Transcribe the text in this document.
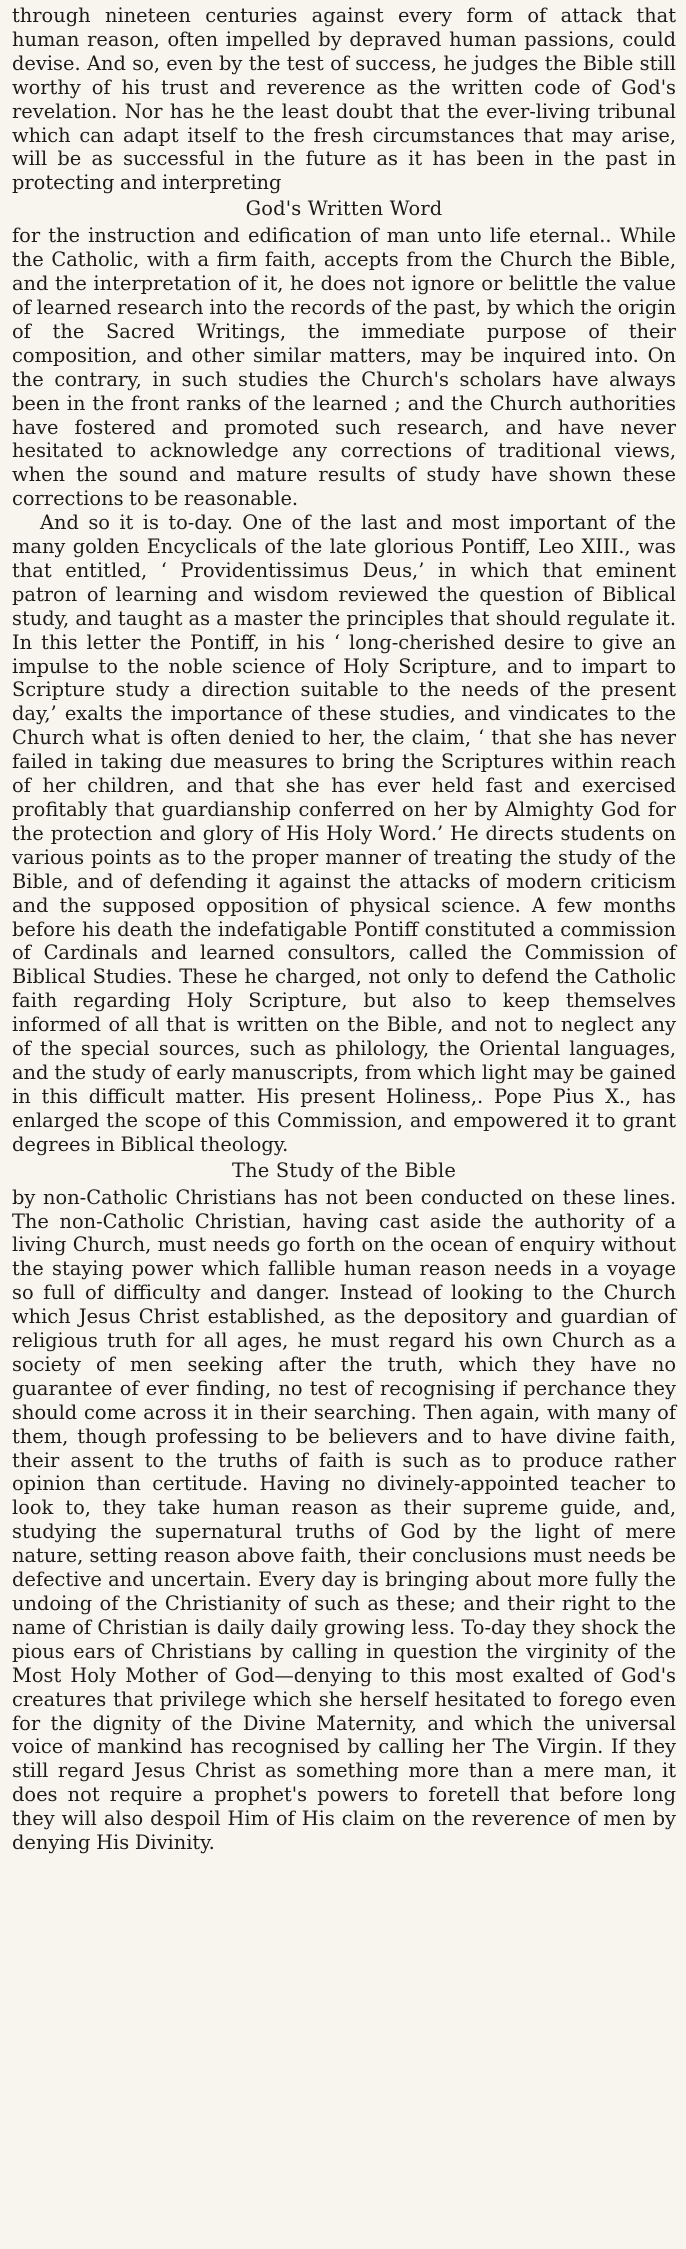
through nineteen centuries against every form of attack that human reason, often impelled by depraved human passions, could devise. And so, even by the test of success, he judges the Bible still worthy of his trust and reverence as the written code of God's revelation. Nor has he the least doubt that the ever-living tribunal which can adapt itself to the fresh circumstances that may arise, will be as successful in the future as it has been in the past in protecting and interpreting

God's Written Word

for the instruction and edification of man unto life eternal.. While the Catholic, with a firm faith, accepts from the Church the Bible, and the interpretation of it, he does not ignore or belittle the value of learned research into the records of the past, by which the origin of the Sacred Writings, the immediate purpose of their composition, and other similar matters, may be inquired into. On the contrary, in such studies the Church's scholars have always been in the front ranks of the learned ; and the Church authorities have fostered and promoted such research, and have never hesitated to acknowledge any corrections of traditional views, when the sound and mature results of study have shown these corrections to be reasonable.

And so it is to-day. One of the last and most important of the many golden Encyclicals of the late glorious Pontiff, Leo XIII., was that entitled, ‘ Providentissimus Deus,’ in which that eminent patron of learning and wisdom reviewed the question of Biblical study, and taught as a master the principles that should regulate it. In this letter the Pontiff, in his ‘ long-cherished desire to give an impulse to the noble science of Holy Scripture, and to impart to Scripture study a direction suitable to the needs of the present day,’ exalts the importance of these studies, and vindicates to the Church what is often denied to her, the claim, ‘ that she has never failed in taking due measures to bring the Scriptures within reach of her children, and that she has ever held fast and exercised profitably that guardianship conferred on her by Almighty God for the protection and glory of His Holy Word.’ He directs students on various points as to the proper manner of treating the study of the Bible, and of defending it against the attacks of modern criticism and the supposed opposition of physical science. A few months before his death the indefatigable Pontiff constituted a commission of Cardinals and learned consultors, called the Commission of Biblical Studies. These he charged, not only to defend the Catholic faith regarding Holy Scripture, but also to keep themselves informed of all that is written on the Bible, and not to neglect any of the special sources, such as philology, the Oriental languages, and the study of early manuscripts, from which light may be gained in this difficult matter. His present Holiness,. Pope Pius X., has enlarged the scope of this Commission, and empowered it to grant degrees in Biblical theology.

The Study of the Bible

by non-Catholic Christians has not been conducted on these lines. The non-Catholic Christian, having cast aside the authority of a living Church, must needs go forth on the ocean of enquiry without the staying power which fallible human reason needs in a voyage so full of difficulty and danger. Instead of looking to the Church which Jesus Christ established, as the depository and guardian of religious truth for all ages, he must regard his own Church as a society of men seeking after the truth, which they have no guarantee of ever finding, no test of recognising if perchance they should come across it in their searching. Then again, with many of them, though professing to be believers and to have divine faith, their assent to the truths of faith is such as to produce rather opinion than certitude. Having no divinely-appointed teacher to look to, they take human reason as their supreme guide, and, studying the supernatural truths of God by the light of mere nature, setting reason above faith, their conclusions must needs be defective and uncertain. Every day is bringing about more fully the undoing of the Christianity of such as these; and their right to the name of Christian is daily daily growing less. To-day they shock the pious ears of Christians by calling in question the virginity of the Most Holy Mother of God—denying to this most exalted of God's creatures that privilege which she herself hesitated to forego even for the dignity of the Divine Maternity, and which the universal voice of mankind has recognised by calling her The Virgin. If they still regard Jesus Christ as something more than a mere man, it does not require a prophet's powers to foretell that before long they will also despoil Him of His claim on the reverence of men by denying His Divinity.
